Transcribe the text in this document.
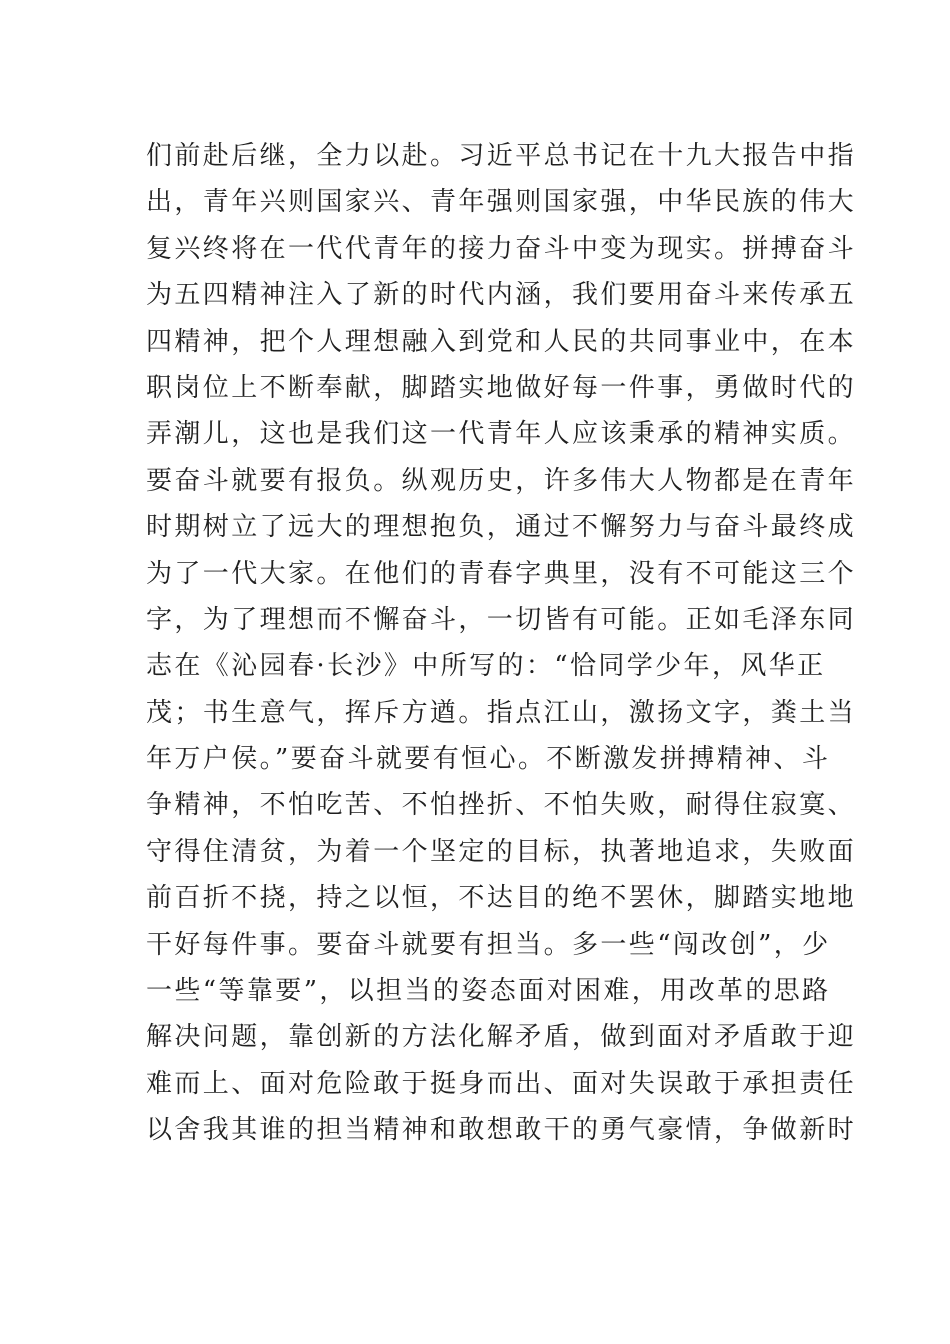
们前赴后继，全力以赴。习近平总书记在十九大报告中指
出，青年兴则国家兴、青年强则国家强，中华民族的伟大
复兴终将在一代代青年的接力奋斗中变为现实。拼搏奋斗
为五四精神注入了新的时代内涵，我们要用奋斗来传承五
四精神，把个人理想融入到党和人民的共同事业中，在本
职岗位上不断奉献，脚踏实地做好每一件事，勇做时代的
弄潮儿，这也是我们这一代青年人应该秉承的精神实质。
要奋斗就要有报负。纵观历史，许多伟大人物都是在青年
时期树立了远大的理想抱负，通过不懈努力与奋斗最终成
为了一代大家。在他们的青春字典里，没有不可能这三个
字，为了理想而不懈奋斗，一切皆有可能。正如毛泽东同
志在《沁园春·长沙》中所写的：“恰同学少年，风华正
茂；书生意气，挥斥方遒。指点江山，激扬文字，粪土当
年万户侯。”要奋斗就要有恒心。不断激发拼搏精神、斗
争精神，不怕吃苦、不怕挫折、不怕失败，耐得住寂寞、
守得住清贫，为着一个坚定的目标，执著地追求，失败面
前百折不挠，持之以恒，不达目的绝不罢休，脚踏实地地
干好每件事。要奋斗就要有担当。多一些“闯改创”，少
一些“等靠要”，以担当的姿态面对困难，用改革的思路
解决问题，靠创新的方法化解矛盾，做到面对矛盾敢于迎
难而上、面对危险敢于挺身而出、面对失误敢于承担责任
以舍我其谁的担当精神和敢想敢干的勇气豪情，争做新时
